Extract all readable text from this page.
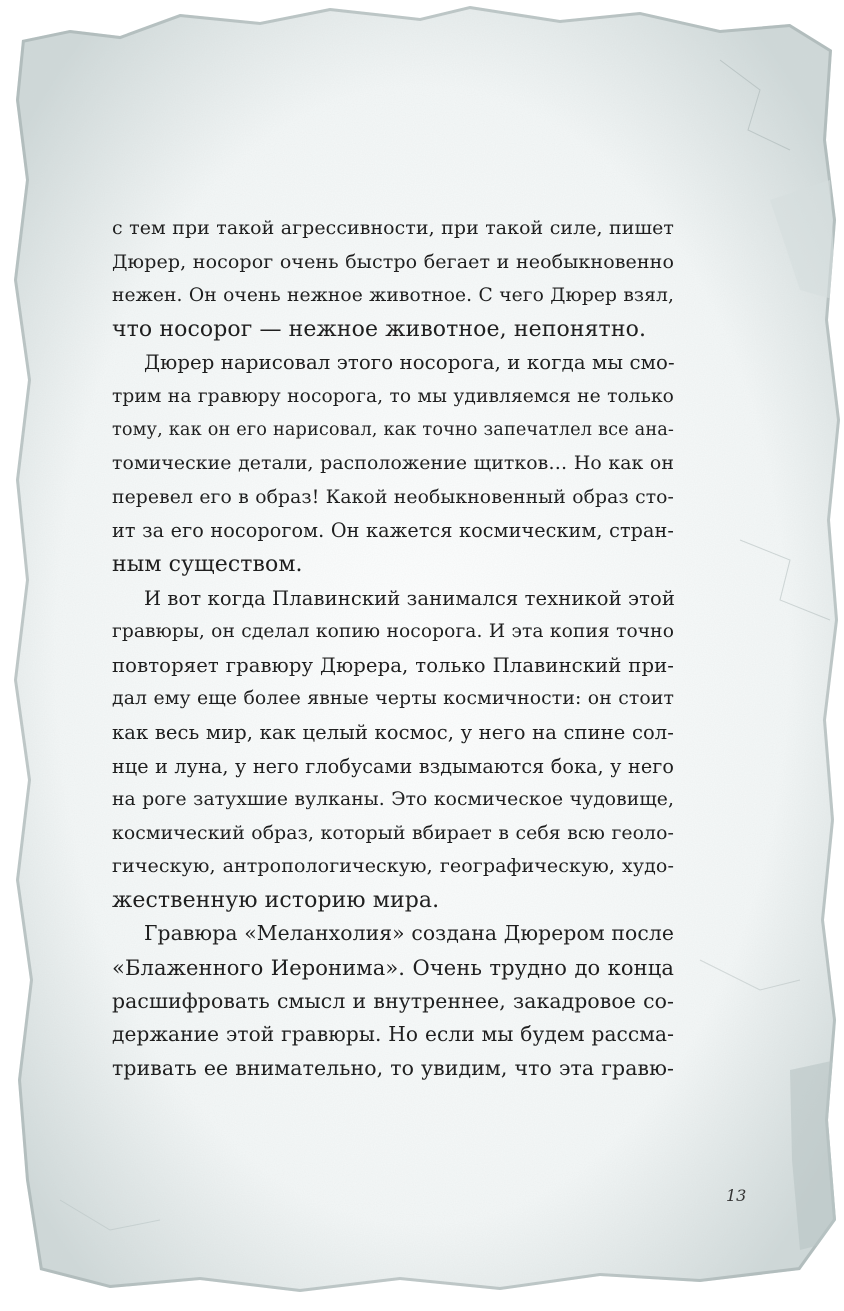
с тем при такой агрессивности, при такой силе, пишет
Дюрер, носорог очень быстро бегает и необыкновенно
нежен. Он очень нежное животное. С чего Дюрер взял,
что носорог — нежное животное, непонятно.
Дюрер нарисовал этого носорога, и когда мы смо-
трим на гравюру носорога, то мы удивляемся не только
тому, как он его нарисовал, как точно запечатлел все ана-
томические детали, расположение щитков… Но как он
перевел его в образ! Какой необыкновенный образ сто-
ит за его носорогом. Он кажется космическим, стран-
ным существом.
И вот когда Плавинский занимался техникой этой
гравюры, он сделал копию носорога. И эта копия точно
повторяет гравюру Дюрера, только Плавинский при-
дал ему еще более явные черты космичности: он стоит
как весь мир, как целый космос, у него на спине сол-
нце и луна, у него глобусами вздымаются бока, у него
на роге затухшие вулканы. Это космическое чудовище,
космический образ, который вбирает в себя всю геоло-
гическую, антропологическую, географическую, худо-
жественную историю мира.
Гравюра «Меланхолия» создана Дюрером после
«Блаженного Иеронима». Очень трудно до конца
расшифровать смысл и внутреннее, закадровое со-
держание этой гравюры. Но если мы будем рассма-
тривать ее внимательно, то увидим, что эта гравю-
13
